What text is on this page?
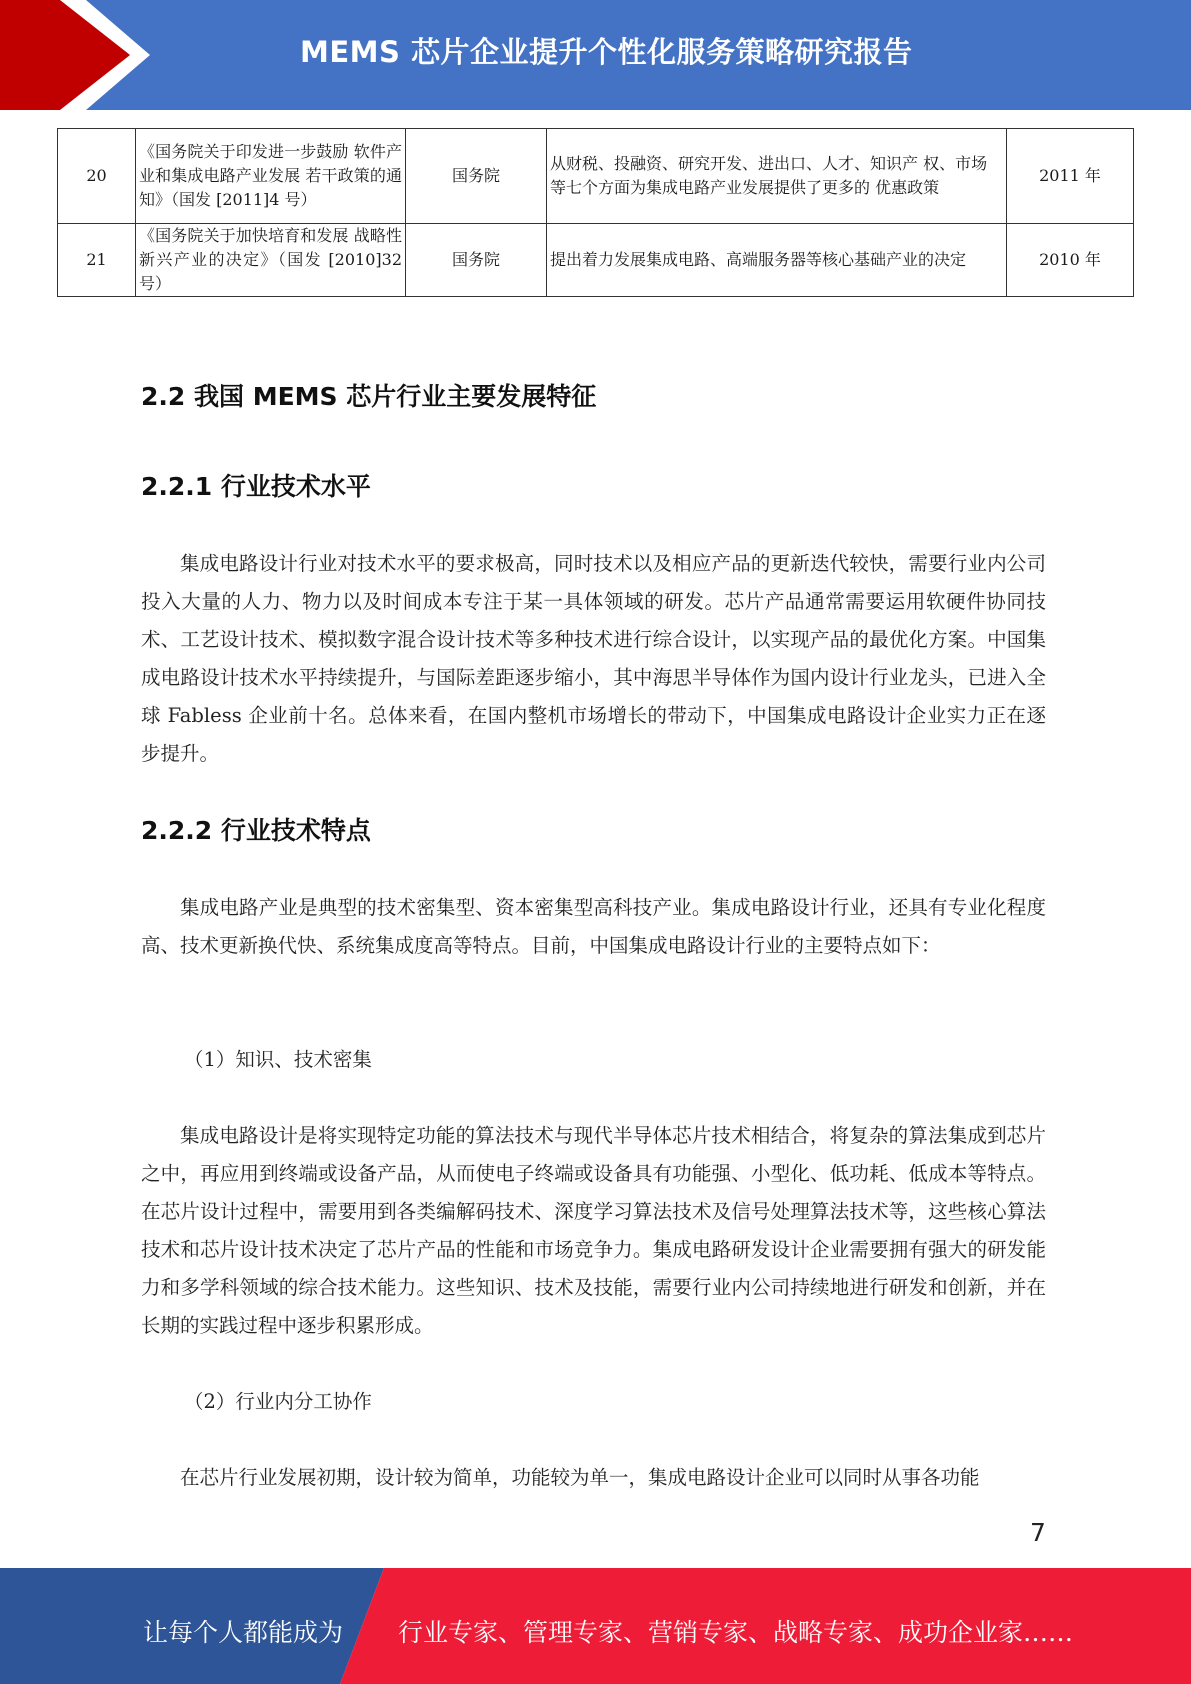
MEMS 芯片企业提升个性化服务策略研究报告
20	《国务院关于印发进一步鼓励 软件产业和集成电路产业发展 若干政策的通知》（国发 [2011]4 号）	国务院	从财税、投融资、研究开发、进出口、人才、知识产 权、市场等七个方面为集成电路产业发展提供了更多的 优惠政策	2011 年
21	《国务院关于加快培育和发展 战略性新兴产业的决定》（国发 [2010]32 号）	国务院	提出着力发展集成电路、高端服务器等核心基础产业的决定	2010 年
2.2 我国 MEMS 芯片行业主要发展特征
2.2.1 行业技术水平

集成电路设计行业对技术水平的要求极高，同时技术以及相应产品的更新迭代较快，需要行业内公司投入大量的人力、物力以及时间成本专注于某一具体领域的研发。芯片产品通常需要运用软硬件协同技术、工艺设计技术、模拟数字混合设计技术等多种技术进行综合设计，以实现产品的最优化方案。中国集成电路设计技术水平持续提升，与国际差距逐步缩小，其中海思半导体作为国内设计行业龙头，已进入全球 Fabless 企业前十名。总体来看，在国内整机市场增长的带动下，中国集成电路设计企业实力正在逐步提升。

2.2.2 行业技术特点

集成电路产业是典型的技术密集型、资本密集型高科技产业。集成电路设计行业，还具有专业化程度高、技术更新换代快、系统集成度高等特点。目前，中国集成电路设计行业的主要特点如下：

（1）知识、技术密集

集成电路设计是将实现特定功能的算法技术与现代半导体芯片技术相结合，将复杂的算法集成到芯片之中，再应用到终端或设备产品，从而使电子终端或设备具有功能强、小型化、低功耗、低成本等特点。在芯片设计过程中，需要用到各类编解码技术、深度学习算法技术及信号处理算法技术等，这些核心算法技术和芯片设计技术决定了芯片产品的性能和市场竞争力。集成电路研发设计企业需要拥有强大的研发能力和多学科领域的综合技术能力。这些知识、技术及技能，需要行业内公司持续地进行研发和创新，并在长期的实践过程中逐步积累形成。

（2）行业内分工协作

在芯片行业发展初期，设计较为简单，功能较为单一，集成电路设计企业可以同时从事各功能

7
让每个人都能成为 行业专家、管理专家、营销专家、战略专家、成功企业家……
